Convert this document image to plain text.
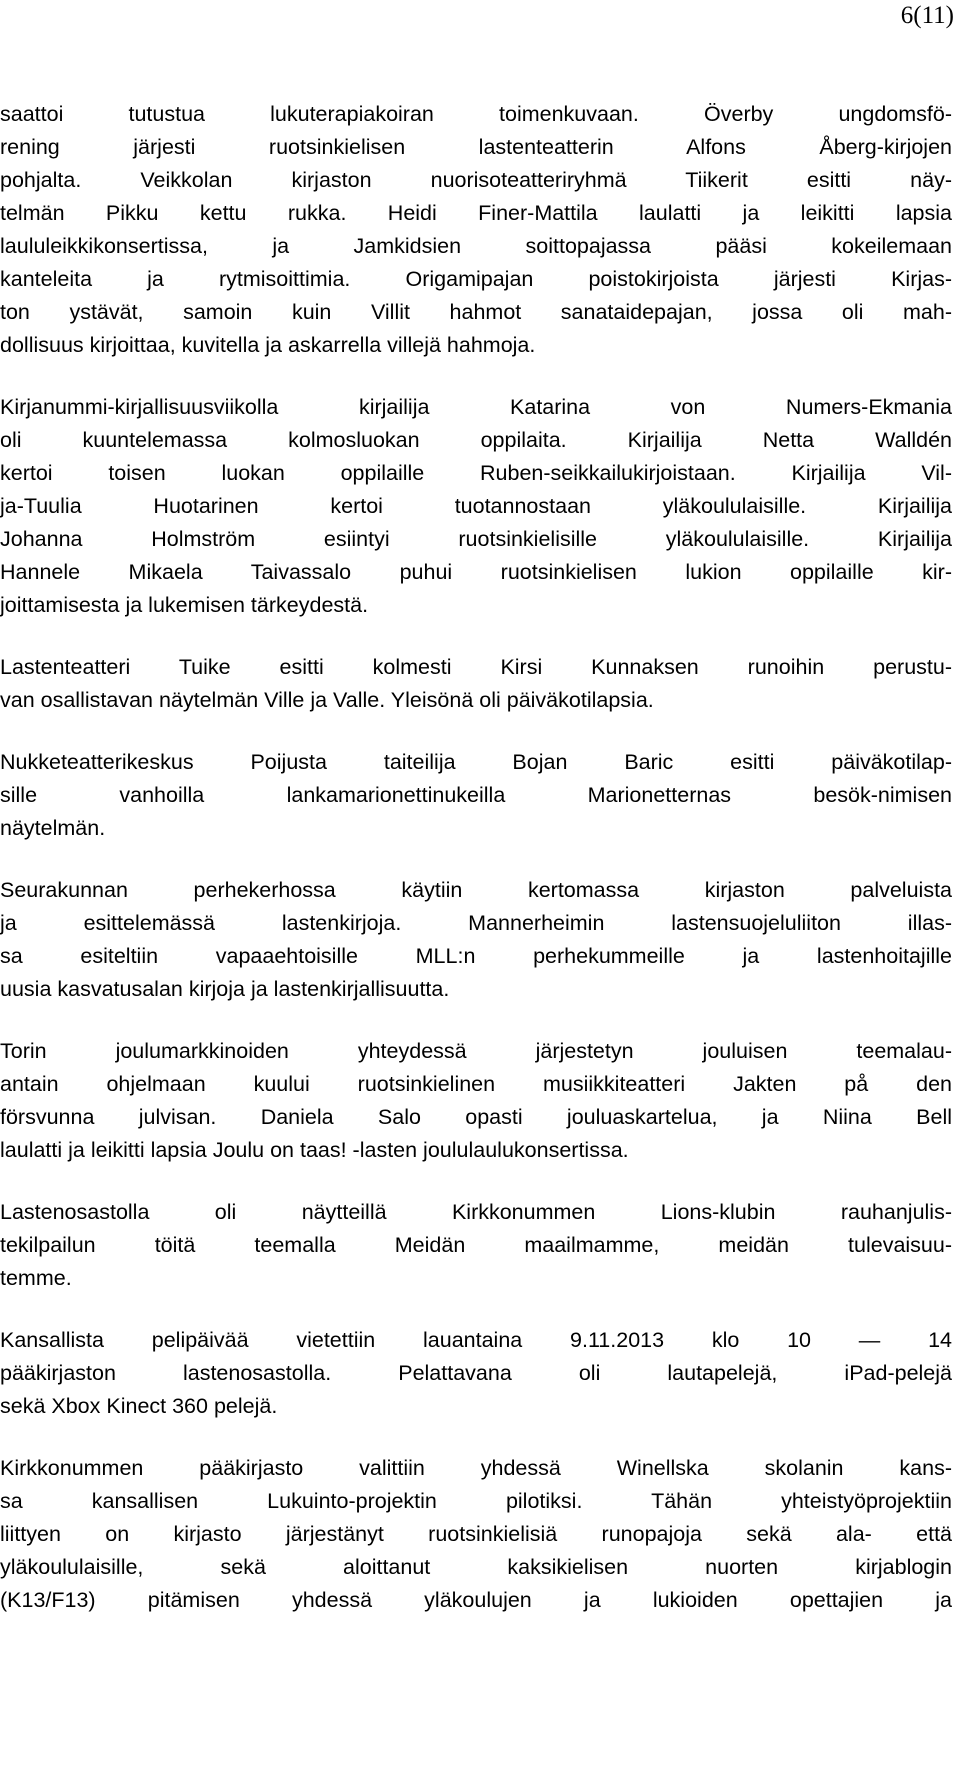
6(11)
saattoi tutustua lukuterapiakoiran toimenkuvaan. Överby ungdomsfö-
rening järjesti ruotsinkielisen lastenteatterin Alfons Åberg-kirjojen
pohjalta. Veikkolan kirjaston nuorisoteatteriryhmä Tiikerit esitti näy-
telmän Pikku kettu rukka. Heidi Finer-Mattila laulatti ja leikitti lapsia
laululeikkikonsertissa, ja Jamkidsien soittopajassa pääsi kokeilemaan
kanteleita ja rytmisoittimia. Origamipajan poistokirjoista järjesti Kirjas-
ton ystävät, samoin kuin Villit hahmot sanataidepajan, jossa oli mah-
dollisuus kirjoittaa, kuvitella ja askarrella villejä hahmoja.
Kirjanummi-kirjallisuusviikolla kirjailija Katarina von Numers-Ekmania
oli kuuntelemassa kolmosluokan oppilaita. Kirjailija Netta Walldén
kertoi toisen luokan oppilaille Ruben-seikkailukirjoistaan. Kirjailija Vil-
ja-Tuulia Huotarinen kertoi tuotannostaan yläkoululaisille. Kirjailija
Johanna Holmström esiintyi ruotsinkielisille yläkoululaisille. Kirjailija
Hannele Mikaela Taivassalo puhui ruotsinkielisen lukion oppilaille kir-
joittamisesta ja lukemisen tärkeydestä.
Lastenteatteri Tuike esitti kolmesti Kirsi Kunnaksen runoihin perustu-
van osallistavan näytelmän Ville ja Valle. Yleisönä oli päiväkotilapsia.
Nukketeatterikeskus Poijusta taiteilija Bojan Baric esitti päiväkotilap-
sille vanhoilla lankamarionettinukeilla Marionetternas besök-nimisen
näytelmän.
Seurakunnan perhekerhossa käytiin kertomassa kirjaston palveluista
ja esittelemässä lastenkirjoja. Mannerheimin lastensuojeluliiton illas-
sa esiteltiin vapaaehtoisille MLL:n perhekummeille ja lastenhoitajille
uusia kasvatusalan kirjoja ja lastenkirjallisuutta.
Torin joulumarkkinoiden yhteydessä järjestetyn jouluisen teemalau-
antain ohjelmaan kuului ruotsinkielinen musiikkiteatteri Jakten på den
försvunna julvisan. Daniela Salo opasti jouluaskartelua, ja Niina Bell
laulatti ja leikitti lapsia Joulu on taas! -lasten joululaulukonsertissa.
Lastenosastolla oli näytteillä Kirkkonummen Lions-klubin rauhanjulis-
tekilpailun töitä teemalla Meidän maailmamme, meidän tulevaisuu-
temme.
Kansallista pelipäivää vietettiin lauantaina 9.11.2013 klo 10 — 14
pääkirjaston lastenosastolla. Pelattavana oli lautapelejä, iPad-pelejä
sekä Xbox Kinect 360 pelejä.
Kirkkonummen pääkirjasto valittiin yhdessä Winellska skolanin kans-
sa kansallisen Lukuinto-projektin pilotiksi. Tähän yhteistyöprojektiin
liittyen on kirjasto järjestänyt ruotsinkielisiä runopajoja sekä ala- että
yläkoululaisille, sekä aloittanut kaksikielisen nuorten kirjablogin
(K13/F13) pitämisen yhdessä yläkoulujen ja lukioiden opettajien ja
